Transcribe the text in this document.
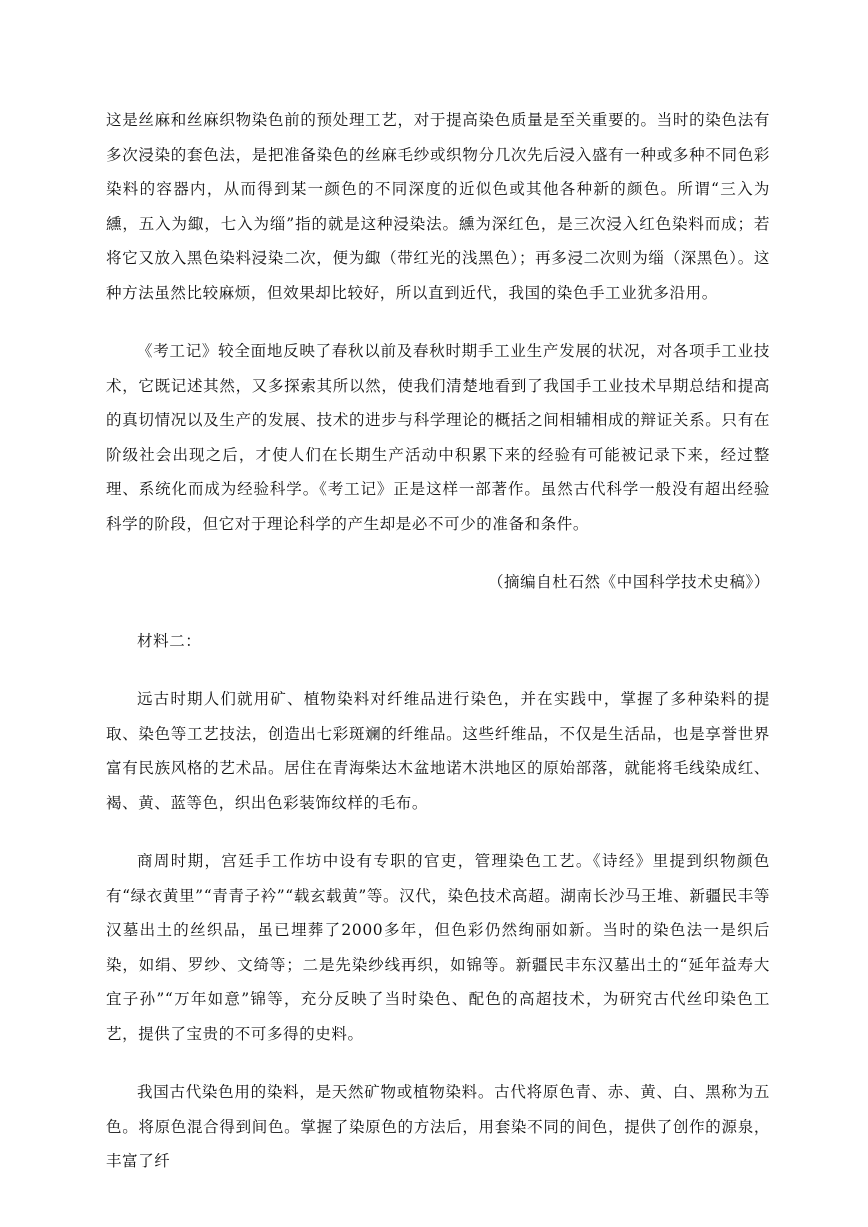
这是丝麻和丝麻织物染色前的预处理工艺，对于提高染色质量是至关重要的。当时的染色法有多次浸染的套色法，是把准备染色的丝麻毛纱或织物分几次先后浸入盛有一种或多种不同色彩染料的容器内，从而得到某一颜色的不同深度的近似色或其他各种新的颜色。所谓“三入为纁，五入为緅，七入为缁”指的就是这种浸染法。纁为深红色，是三次浸入红色染料而成；若将它又放入黑色染料浸染二次，便为緅（带红光的浅黑色）；再多浸二次则为缁（深黑色）。这种方法虽然比较麻烦，但效果却比较好，所以直到近代，我国的染色手工业犹多沿用。

《考工记》较全面地反映了春秋以前及春秋时期手工业生产发展的状况，对各项手工业技术，它既记述其然，又多探索其所以然，使我们清楚地看到了我国手工业技术早期总结和提高的真切情况以及生产的发展、技术的进步与科学理论的概括之间相辅相成的辩证关系。只有在阶级社会出现之后，才使人们在长期生产活动中积累下来的经验有可能被记录下来，经过整理、系统化而成为经验科学。《考工记》正是这样一部著作。虽然古代科学一般没有超出经验科学的阶段，但它对于理论科学的产生却是必不可少的准备和条件。

（摘编自杜石然《中国科学技术史稿》）

材料二：

远古时期人们就用矿、植物染料对纤维品进行染色，并在实践中，掌握了多种染料的提取、染色等工艺技法，创造出七彩斑斓的纤维品。这些纤维品，不仅是生活品，也是享誉世界富有民族风格的艺术品。居住在青海柴达木盆地诺木洪地区的原始部落，就能将毛线染成红、褐、黄、蓝等色，织出色彩装饰纹样的毛布。

商周时期，宫廷手工作坊中设有专职的官吏，管理染色工艺。《诗经》里提到织物颜色有“绿衣黄里”“青青子衿”“载玄载黄”等。汉代，染色技术高超。湖南长沙马王堆、新疆民丰等汉墓出土的丝织品，虽已埋葬了2000多年，但色彩仍然绚丽如新。当时的染色法一是织后染，如绢、罗纱、文绮等；二是先染纱线再织，如锦等。新疆民丰东汉墓出土的“延年益寿大宜子孙”“万年如意”锦等，充分反映了当时染色、配色的高超技术，为研究古代丝印染色工艺，提供了宝贵的不可多得的史料。

我国古代染色用的染料，是天然矿物或植物染料。古代将原色青、赤、黄、白、黑称为五色。将原色混合得到间色。掌握了染原色的方法后，用套染不同的间色，提供了创作的源泉，丰富了纤
